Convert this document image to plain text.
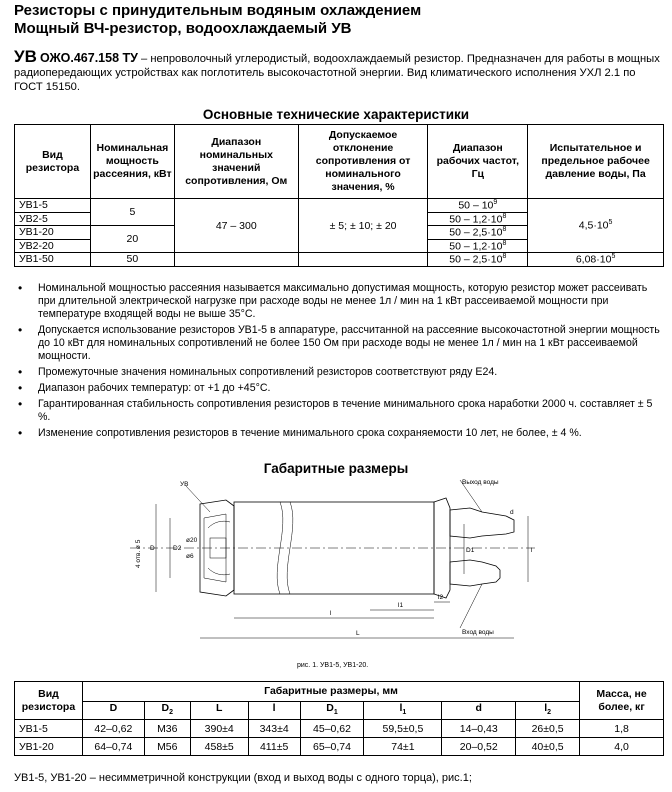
Резисторы с принудительным водяным охлаждением
Мощный ВЧ-резистор, водоохлаждаемый УВ
УВ ОЖО.467.158 ТУ – непроволочный углеродистый, водоохлаждаемый резистор. Предназначен для работы в мощных радиопередающих устройствах как поглотитель высокочастотной энергии. Вид климатического исполнения УХЛ 2.1 по ГОСТ 15150.
Основные технические характеристики
Вид резистора	Номинальная мощность рассеяния, кВт	Диапазон номинальных значений сопротивления, Ом	Допускаемое отклонение сопротивления от номинального значения, %	Диапазон рабочих частот, Гц	Испытательное и предельное рабочее давление воды, Па
УВ1-5	5	47 – 300	± 5; ± 10; ± 20	$50 - 10^9$	$4,5\cdot 10^5$
УВ2-5				$50 - 1,2\cdot 10^8$
УВ1-20	20			$50 - 2,5\cdot 10^8$
УВ2-20				$50 - 1,2\cdot 10^8$
УВ1-50	50			$50 - 2,5\cdot 10^8$	$6,08\cdot 10^5$
• Номинальной мощностью рассеяния называется максимально допустимая мощность, которую резистор может рассеивать при длительной электрической нагрузке при расходе воды не менее 1л / мин на 1 кВт рассеиваемой мощности при температуре входящей воды не выше 35°C.
• Допускается использование резисторов УВ1-5 в аппаратуре, рассчитанной на рассеяние высокочастотной энергии мощность до 10 кВт для номинальных сопротивлений не более 150 Ом при расходе воды не менее 1л / мин на 1 кВт рассеиваемой мощности.
• Промежуточные значения номинальных сопротивлений резисторов соответствуют ряду Е24.
• Диапазон рабочих температур: от +1 до +45°C.
• Гарантированная стабильность сопротивления резисторов в течение минимального срока наработки 2000 ч. составляет ± 5 %.
• Изменение сопротивления резисторов в течение минимального срока сохраняемости 10 лет, не более, ± 4 %.
Габаритные размеры
УВ	Выход воды
Вход воды
4 отв. ø 5 D	D2
ø20
ø6
D1
l2
l1
l
L
d
l
рис. 1. УВ1-5, УВ1-20.
Вид резистора	Габаритные размеры, мм								Масса, не более, кг
	D	$D_2$	L	l	$D_1$	$l_1$	d	$l_2$
УВ1-5	42–0,62	M36	390±4	343±4	45–0,62	59,5±0,5	14–0,43	26±0,5	1,8
УВ1-20	64–0,74	M56	458±5	411±5	65–0,74	74±1	20–0,52	40±0,5	4,0
УВ1-5, УВ1-20 – несимметричной конструкции (вход и выход воды с одного торца), рис.1;
